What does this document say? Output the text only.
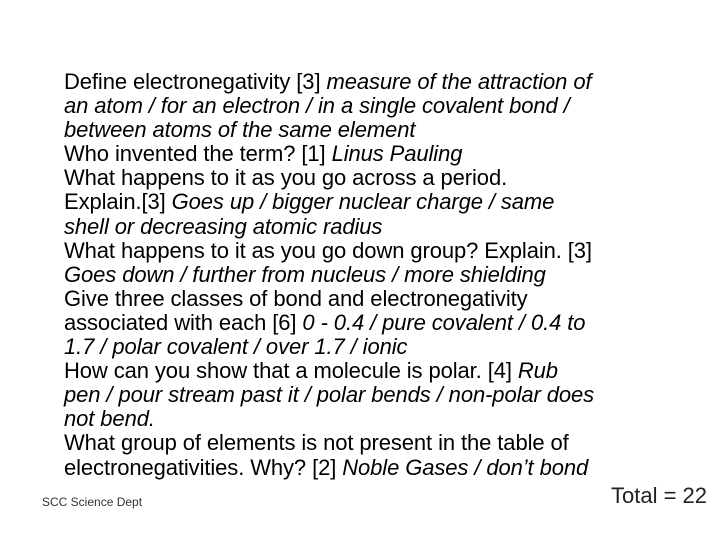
Define electronegativity [3] measure of the attraction of

an atom / for an electron / in a single covalent bond /

between atoms of the same element

Who invented the term? [1] Linus Pauling

What happens to it as you go across a period.

Explain.[3] Goes up / bigger nuclear charge / same

shell or decreasing atomic radius

What happens to it as you go down group? Explain. [3]

Goes down / further from nucleus / more shielding

Give three classes of bond and electronegativity

associated with each [6] 0 - 0.4 / pure covalent / 0.4 to

1.7 / polar covalent / over 1.7 / ionic

How can you show that a molecule is polar. [4] Rub

pen / pour stream past it / polar bends / non-polar does

not bend.

What group of elements is not present in the table of

electronegativities. Why? [2] Noble Gases / don’t bond

SCC Science Dept	Total = 22
